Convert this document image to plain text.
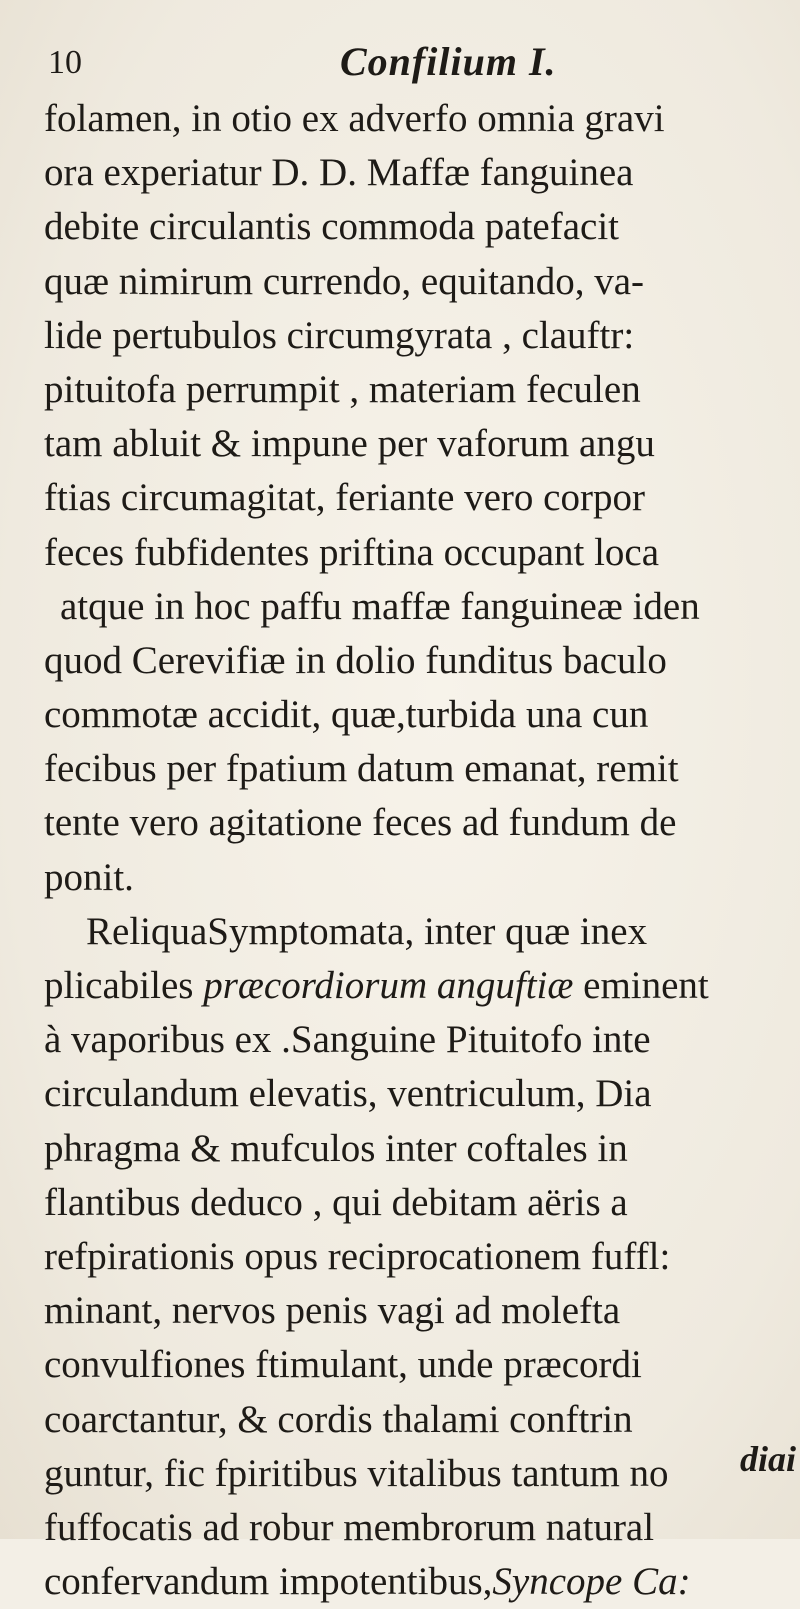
10	Confilium I.
folamen, in otio ex adverfo omnia gravi
ora experiatur D. D. Maffæ fanguinea
debite circulantis commoda patefacit
quæ nimirum currendo, equitando, va-
lide pertubulos circumgyrata , clauftr:
pituitofa perrumpit , materiam feculen
tam abluit & impune per vaforum angu
ftias circumagitat, feriante vero corpor
feces fubfidentes priftina occupant loca
atque in hoc paffu maffæ fanguineæ iden
quod Cerevifiæ in dolio funditus baculo
commotæ accidit, quæ,turbida una cun
fecibus per fpatium datum emanat, remit
tente vero agitatione feces ad fundum de
ponit.
ReliquaSymptomata, inter quæ inex
plicabiles præcordiorum anguftiæ eminent
à vaporibus ex .Sanguine Pituitofo inte
circulandum elevatis, ventriculum, Dia
phragma & mufculos inter coftales in
flantibus deduco , qui debitam aëris a
refpirationis opus reciprocationem fuffl:
minant, nervos penis vagi ad molefta
convulfiones ftimulant, unde præcordi
coarctantur, & cordis thalami conftrin
guntur, fic fpiritibus vitalibus tantum no
fuffocatis ad robur membrorum natural
confervandum impotentibus,Syncope Ca:
diai
